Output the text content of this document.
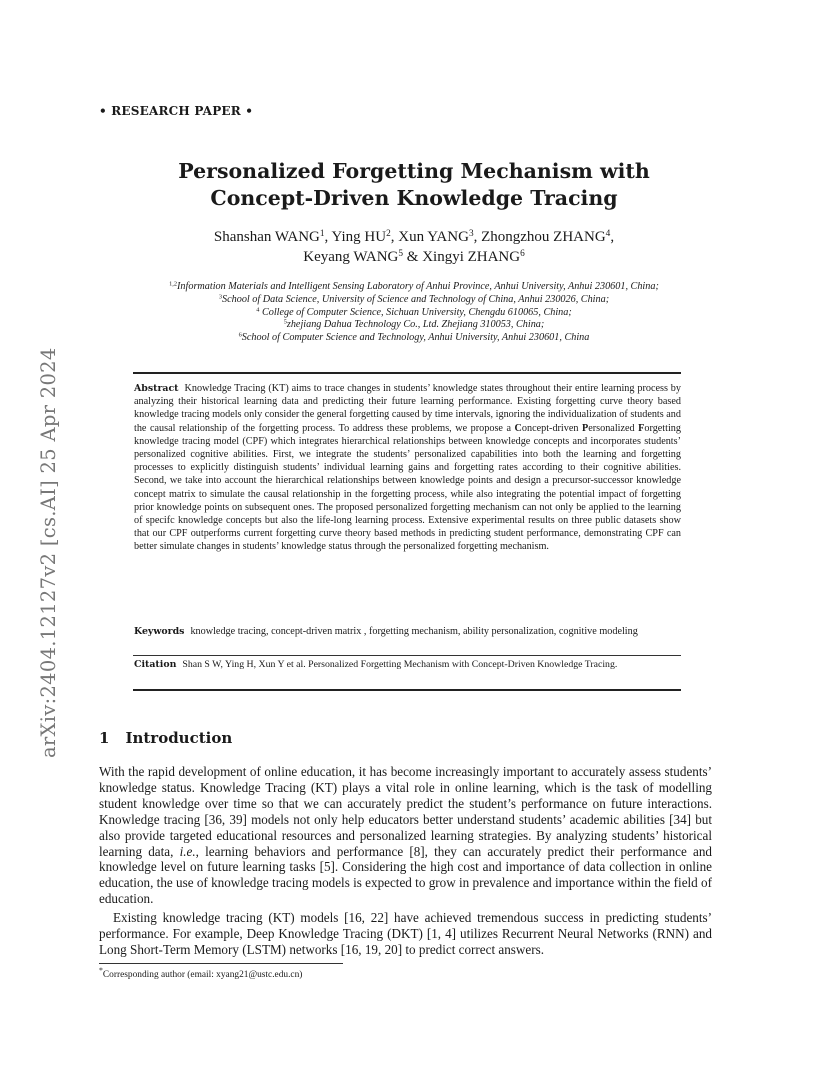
arXiv:2404.12127v2 [cs.AI] 25 Apr 2024
• RESEARCH PAPER •
Personalized Forgetting Mechanism with
Concept-Driven Knowledge Tracing
Shanshan WANG$^1$, Ying $HU^2$, Xun YANG$^3$, Zhongzhou ZHANG$^4$,
Keyang WANG$^5$ & Xingyi ZHANG$^6$
$^{1,2}$Information Materials and Intelligent Sensing Laboratory of Anhui Province, Anhui University, Anhui 230601, China;
$^3$School of Data Science, University of Science and Technology of China, Anhui 230026, China;
$^4$ College of Computer Science, Sichuan University, Chengdu 610065, China;
$^5$zhejiang Dahua Technology Co., Ltd. Zhejiang 310053, China;
$^6$School of Computer Science and Technology, Anhui University, Anhui 230601, China
Abstract Knowledge Tracing (KT) aims to trace changes in students’ knowledge states throughout their entire learning process by analyzing their historical learning data and predicting their future learning performance. Existing forgetting curve theory based knowledge tracing models only consider the general forgetting caused by time intervals, ignoring the individualization of students and the causal relationship of the forgetting process. To address these problems, we propose a Concept-driven Personalized Forgetting knowledge tracing model (CPF) which integrates hierarchical relationships between knowledge concepts and incorporates students’ personalized cognitive abilities. First, we integrate the students’ personalized capabilities into both the learning and forgetting processes to explicitly distinguish students’ individual learning gains and forgetting rates according to their cognitive abilities. Second, we take into account the hierarchical relationships between knowledge points and design a precursor-successor knowledge concept matrix to simulate the causal relationship in the forgetting process, while also integrating the potential impact of forgetting prior knowledge points on subsequent ones. The proposed personalized forgetting mechanism can not only be applied to the learning of specifc knowledge concepts but also the life-long learning process. Extensive experimental results on three public datasets show that our CPF outperforms current forgetting curve theory based methods in predicting student performance, demonstrating CPF can better simulate changes in students’ knowledge status through the personalized forgetting mechanism.
Keywords knowledge tracing, concept-driven matrix , forgetting mechanism, ability personalization, cognitive modeling
Citation Shan S W, Ying H, Xun Y et al. Personalized Forgetting Mechanism with Concept-Driven Knowledge Tracing.
1 Introduction
With the rapid development of online education, it has become increasingly important to accurately assess students’ knowledge status. Knowledge Tracing (KT) plays a vital role in online learning, which is the task of modelling student knowledge over time so that we can accurately predict the student’s performance on future interactions. Knowledge tracing [36, 39] models not only help educators better understand students’ academic abilities [34] but also provide targeted educational resources and personalized learning strategies. By analyzing students’ historical learning data, i.e., learning behaviors and performance [8], they can accurately predict their performance and knowledge level on future learning tasks [5]. Considering the high cost and importance of data collection in online education, the use of knowledge tracing models is expected to grow in prevalence and importance within the field of education.
Existing knowledge tracing (KT) models [16, 22] have achieved tremendous success in predicting students’ performance. For example, Deep Knowledge Tracing (DKT) [1, 4] utilizes Recurrent Neural Networks (RNN) and Long Short-Term Memory (LSTM) networks [16, 19, 20] to predict correct answers.
*Corresponding author (email: xyang21@ustc.edu.cn)
